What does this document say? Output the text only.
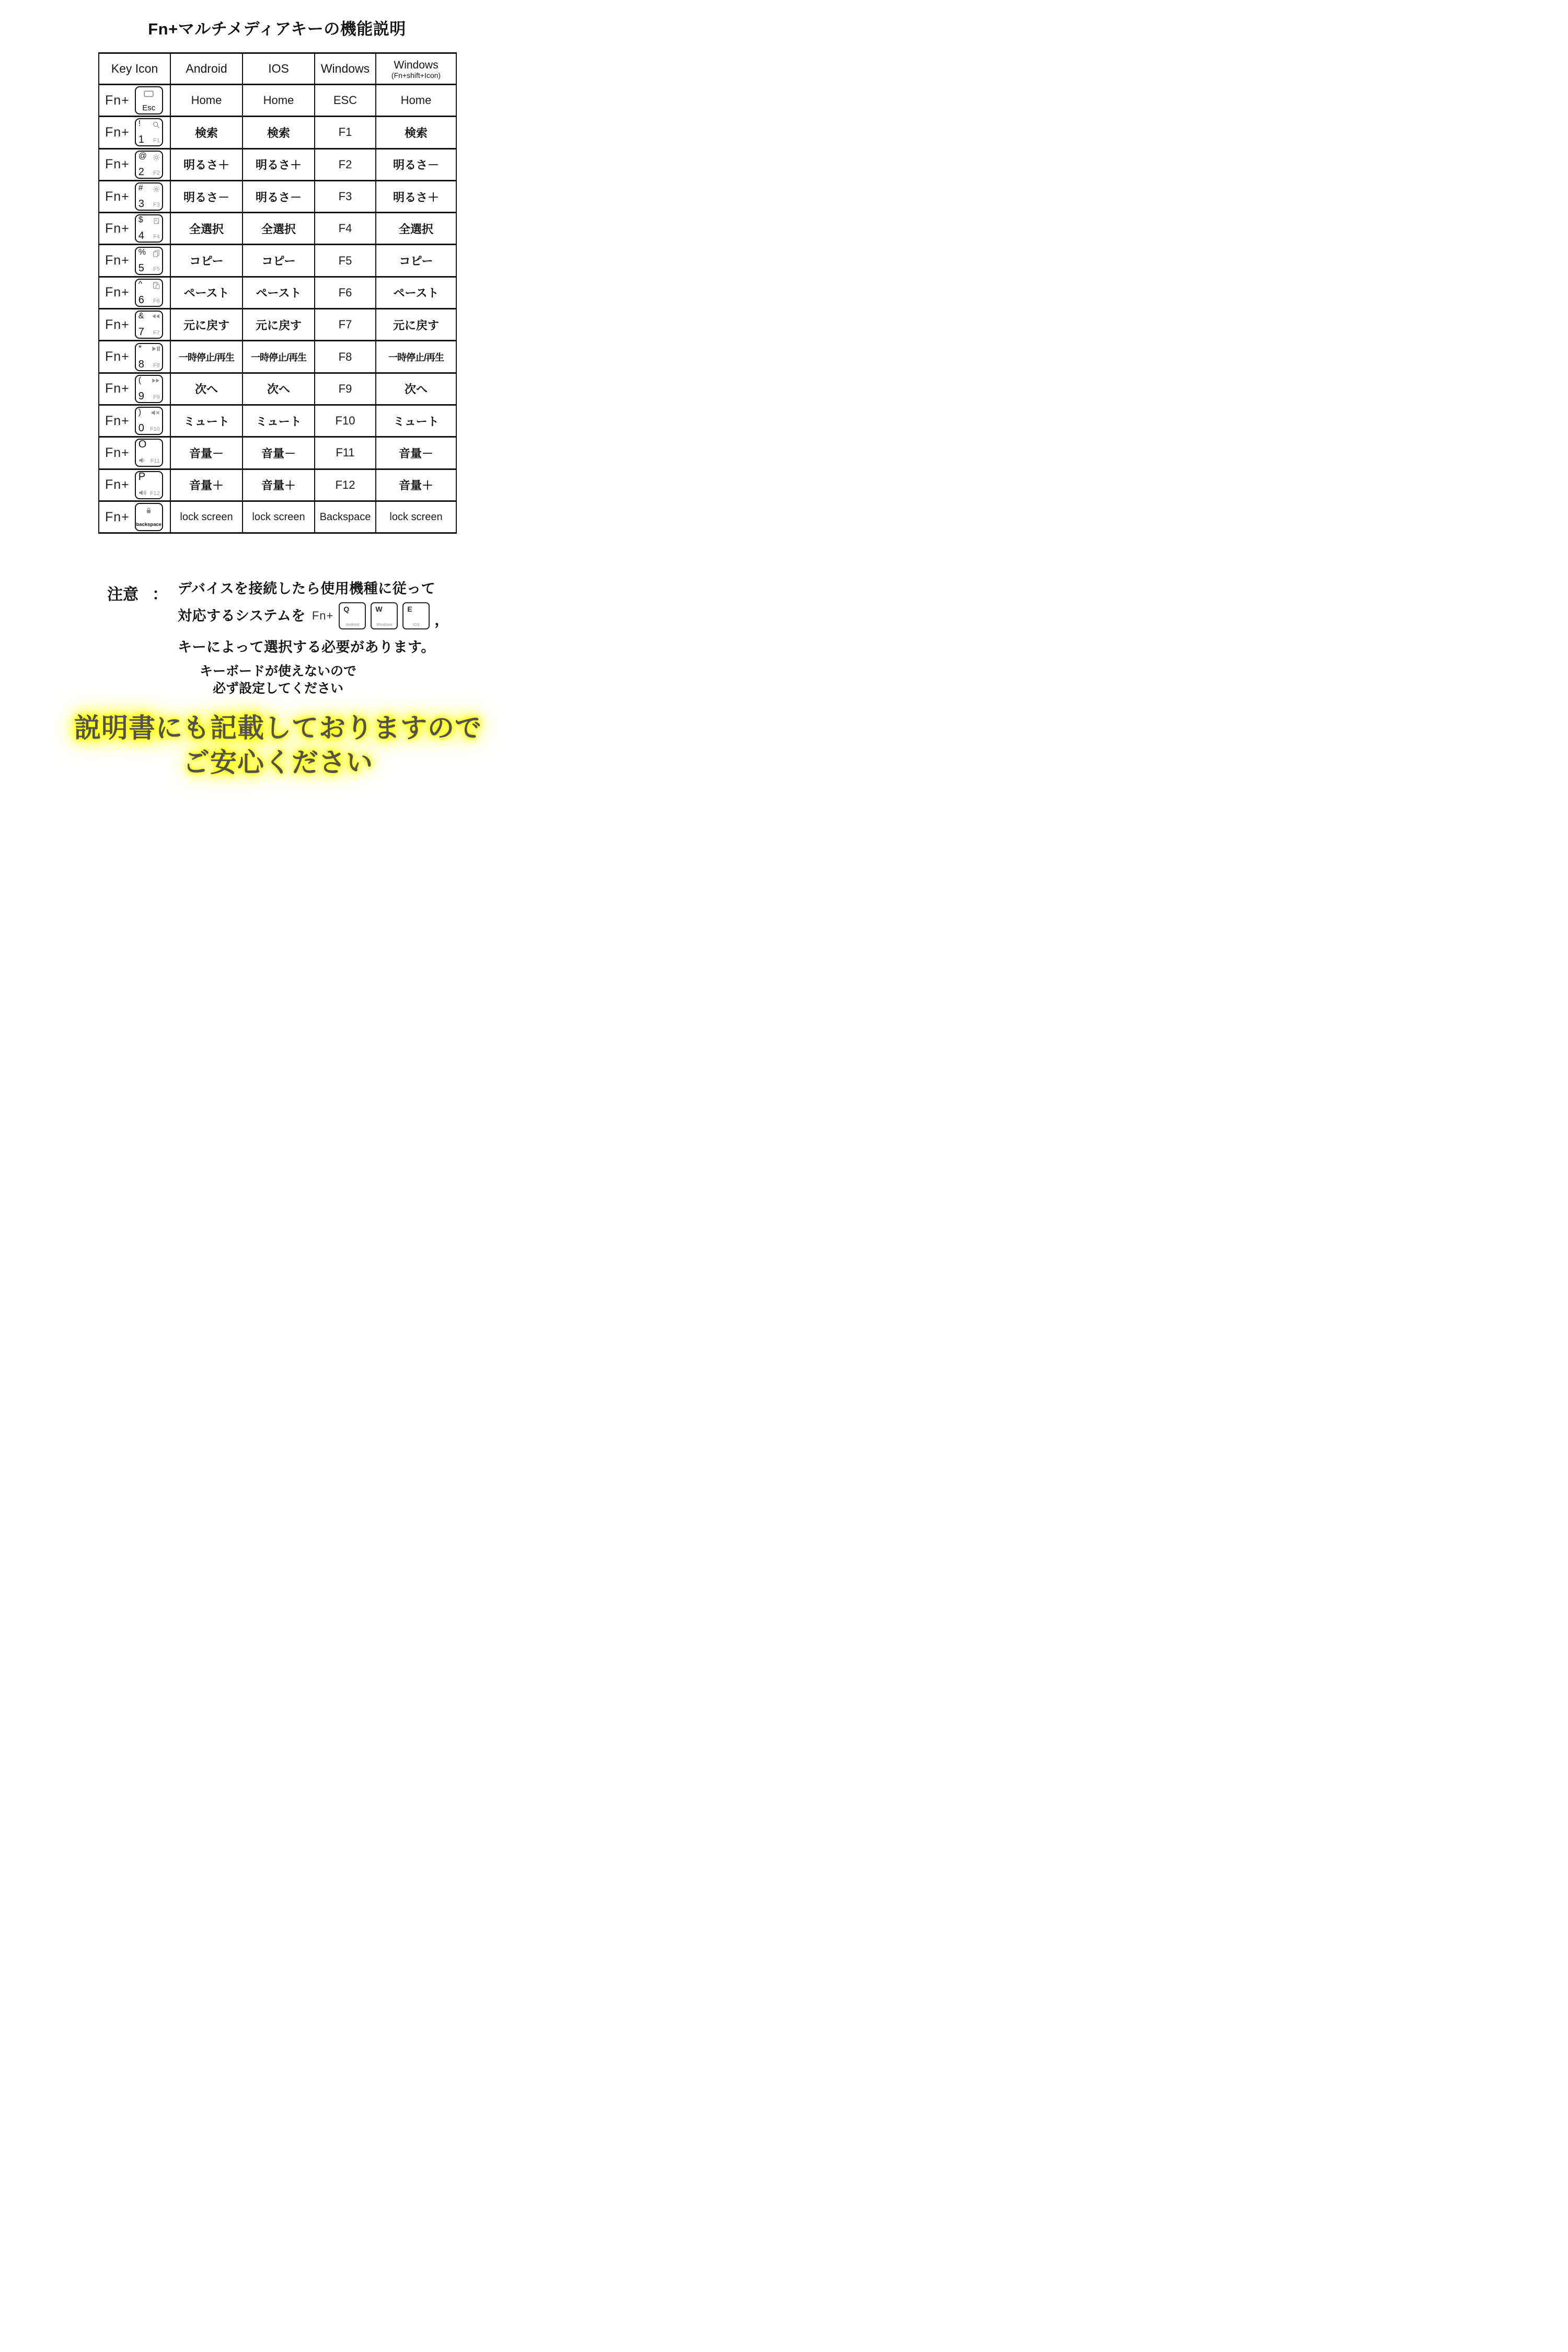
Fn+マルチメディアキーの機能説明
Key Icon	Android	IOS	Windows	Windows
(Fn+shift+Icon)

Fn+
Esc	Home	Home	ESC	Home

Fn+
!
1 F1	検索	検索	F1	検索

Fn+
@
2 F2	明るさ＋	明るさ＋	F2	明るさ－

Fn+
#
3 F3	明るさ－	明るさ－	F3	明るさ＋

Fn+
$ A
4 F4	全選択	全選択	F4	全選択

Fn+
%
5 F5	コピー	コピー	F5	コピー

Fn+
^
6 F6	ペースト	ペースト	F6	ペースト

Fn+
&
7 F7	元に戻す	元に戻す	F7	元に戻す

Fn+
*
8 F8	一時停止/再生	一時停止/再生	F8	一時停止/再生

Fn+
(
9 F9	次へ	次へ	F9	次へ

Fn+
)
0 F10	ミュート	ミュート	F10	ミュート

Fn+
O
F11	音量－	音量－	F11	音量－

Fn+
P
F12	音量＋	音量＋	F12	音量＋

Fn+
backspace	lock screen	lock screen	Backspace	lock screen
注意 ： デバイスを接続したら使用機種に従って
対応するシステムを Fn+ Q
Android
W
Windows
E
IOS	，
キーによって選択する必要があります。
キーボードが使えないので
必ず設定してください
説明書にも記載しておりますので
ご安心ください
